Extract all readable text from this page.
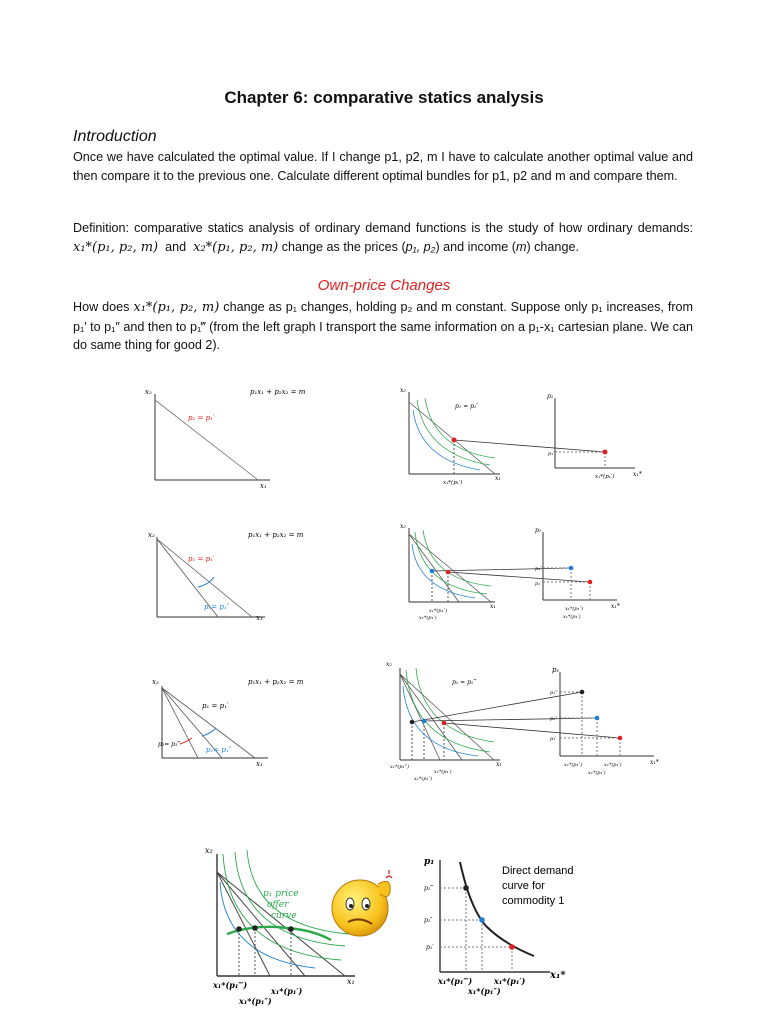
Chapter 6: comparative statics analysis
Introduction
Once we have calculated the optimal value. If I change p1, p2, m I have to calculate another optimal value and then compare it to the previous one. Calculate different optimal bundles for p1, p2 and m and compare them.
Definition: comparative statics analysis of ordinary demand functions is the study of how ordinary demands: x₁*(p₁, p₂, m) and x₂*(p₁, p₂, m) change as the prices (p₁, p₂) and income (m) change.
Own-price Changes
How does x₁*(p₁, p₂, m) change as p₁ changes, holding p₂ and m constant. Suppose only p₁ increases, from p₁′ to p₁″ and then to p₁‴ (from the left graph I transport the same information on a p₁-x₁ cartesian plane. We can do same thing for good 2).
x₂
x₁
p₁x₁ + p₂x₂ = m
p₁ = p₁′
x₂
x₁
p₁ = p₁′
x₁*(p₁′)
p₁
p₁′
x₁*(p₁′)	x₁*
x₂
x₁
p₁x₁ + p₂x₂ = m
p₁ = p₁′
p₁= p₁″
x₂
x₁
x₁*(p₁″)
x₁*(p₁′)
p₁
p₁″
p₁′
x₁*(p₁″)
x₁*(p₁′)
x₁*
x₂
x₁
p₁x₁ + p₂x₂ = m
p₁ = p₁′
p₁= p₁‴
p₁= p₁″
x₂
x₁
p₁ = p₁‴
x₁*(p₁‴)
x₁*(p₁′)
x₁*(p₁″)
p₁
p₁‴
p₁″
p₁′
x₁*(p₁″)	x₁*(p₁′)
x₁*(p₁′)
x₁*
x₂
x₁
p₁ price
offer
curve
x₁*(p₁‴)
x₁*(p₁′)
x₁*(p₁″)
p₁
p₁‴
p₁″
p₁′
Direct demand
curve for
commodity 1
x₁*(p₁‴)	x₁*(p₁′)
x₁*(p₁″)
x₁*
